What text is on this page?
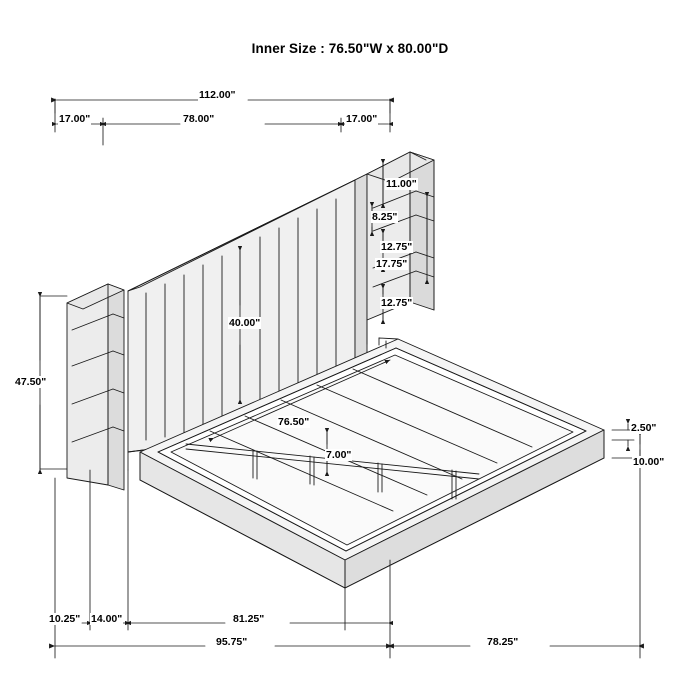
Inner Size : 76.50"W x 80.00"D
112.00"
17.00"	78.00"	17.00"
11.00"
8.25"
12.75"
17.75"
12.75"
40.00"
47.50"
76.50"
7.00"
2.50"
10.00"
10.25" 14.00"	81.25"
95.75"	78.25"
